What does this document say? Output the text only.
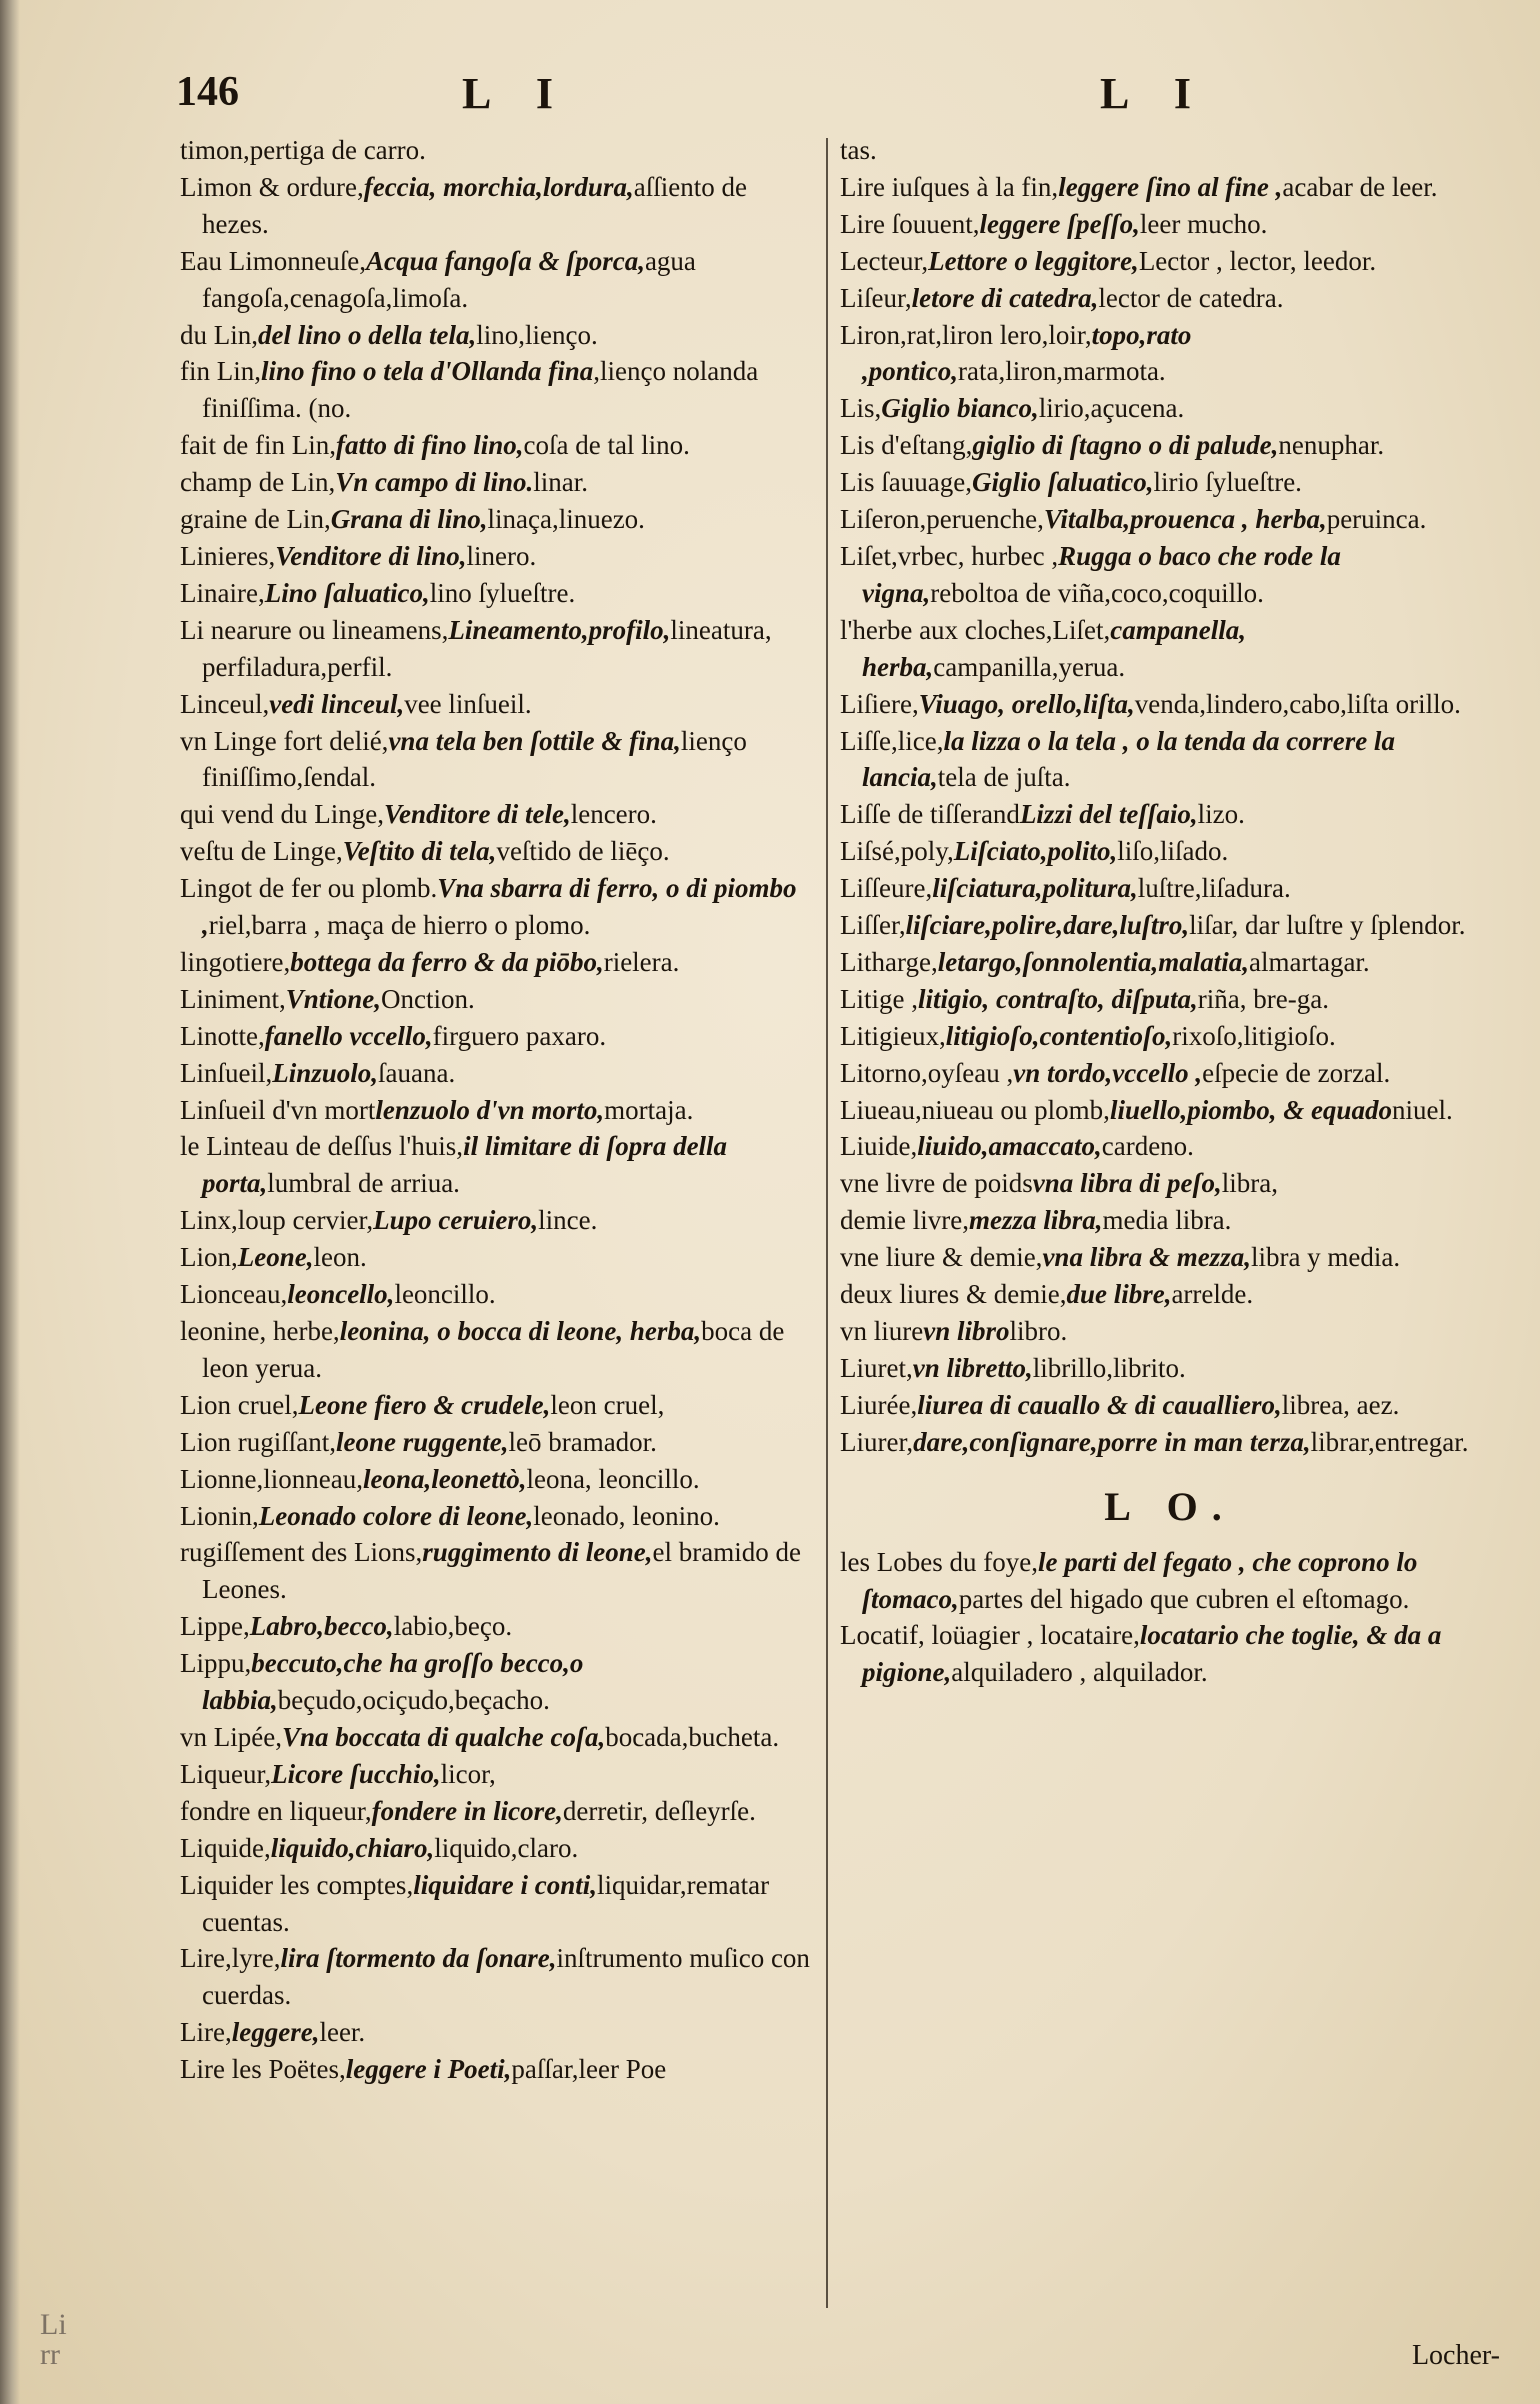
146	L I	L I
timon,pertiga de carro.
Limon & ordure,feccia, morchia,lordura,aſſiento de hezes.
Eau Limonneuſe,Acqua fangoſa & ſporca,agua fangoſa,cenagoſa,limoſa.
du Lin,del lino o della tela,lino,lienço.
fin Lin,lino fino o tela d'Ollanda fina,lienço nolanda finiſſima. (no.
fait de fin Lin,fatto di fino lino,coſa de tal lino.
champ de Lin,Vn campo di lino.linar.
graine de Lin,Grana di lino,linaça,linuezo.
Linieres,Venditore di lino,linero.
Linaire,Lino ſaluatico,lino ſylueſtre.
Li nearure ou lineamens,Lineamento,profilo,lineatura, perfiladura,perfil.
Linceul,vedi linceul,vee linſueil.
vn Linge fort delié,vna tela ben ſottile & fina,lienço finiſſimo,ſendal.
qui vend du Linge,Venditore di tele,lencero.
veſtu de Linge,Veſtito di tela,veſtido de liēço.
Lingot de fer ou plomb.Vna sbarra di ferro, o di piombo ,riel,barra , maça de hierro o plomo.
lingotiere,bottega da ferro & da piōbo,rielera.
Liniment,Vntione,Onction.
Linotte,fanello vccello,firguero paxaro.
Linſueil,Linzuolo,ſauana.
Linſueil d'vn mortlenzuolo d'vn morto,mortaja.
le Linteau de deſſus l'huis,il limitare di ſopra della porta,lumbral de arriua.
Linx,loup cervier,Lupo ceruiero,lince.
Lion,Leone,leon.
Lionceau,leoncello,leoncillo.
leonine, herbe,leonina, o bocca di leone, herba,boca de leon yerua.
Lion cruel,Leone fiero & crudele,leon cruel,
Lion rugiſſant,leone ruggente,leō bramador.
Lionne,lionneau,leona,leonettò,leona, leoncillo.
Lionin,Leonado colore di leone,leonado, leonino.
rugiſſement des Lions,ruggimento di leone,el bramido de Leones.
Lippe,Labro,becco,labio,beço.
Lippu,beccuto,che ha groſſo becco,o labbia,beçudo,ociçudo,beçacho.
vn Lipée,Vna boccata di qualche coſa,bocada,bucheta.
Liqueur,Licore ſucchio,licor,
fondre en liqueur,fondere in licore,derretir, deſleyrſe.
Liquide,liquido,chiaro,liquido,claro.
Liquider les comptes,liquidare i conti,liquidar,rematar cuentas.
Lire,lyre,lira ſtormento da ſonare,inſtrumento muſico con cuerdas.
Lire,leggere,leer.
Lire les Poëtes,leggere i Poeti,paſſar,leer Poe
tas.
Lire iuſques à la fin,leggere ſino al fine ,acabar de leer.
Lire ſouuent,leggere ſpeſſo,leer mucho.
Lecteur,Lettore o leggitore,Lector , lector, leedor.
Liſeur,letore di catedra,lector de catedra.
Liron,rat,liron lero,loir,topo,rato ,pontico,rata,liron,marmota.
Lis,Giglio bianco,lirio,açucena.
Lis d'eſtang,giglio di ſtagno o di palude,nenuphar.
Lis ſauuage,Giglio ſaluatico,lirio ſylueſtre.
Liſeron,peruenche,Vitalba,prouenca , herba,peruinca.
Liſet,vrbec, hurbec ,Rugga o baco che rode la vigna,reboltoa de viña,coco,coquillo.
l'herbe aux cloches,Liſet,campanella, herba,campanilla,yerua.
Liſiere,Viuago, orello,liſta,venda,lindero,cabo,liſta orillo.
Liſſe,lice,la lizza o la tela , o la tenda da correre la lancia,tela de juſta.
Liſſe de tiſſerandLizzi del teſſaio,lizo.
Liſsé,poly,Liſciato,polito,liſo,liſado.
Liſſeure,liſciatura,politura,luſtre,liſadura.
Liſſer,liſciare,polire,dare,luſtro,liſar, dar luſtre y ſplendor.
Litharge,letargo,ſonnolentia,malatia,almartagar.
Litige ,litigio, contraſto, diſputa,riña, bre-ga.
Litigieux,litigioſo,contentioſo,rixoſo,litigioſo.
Litorno,oyſeau ,vn tordo,vccello ,eſpecie de zorzal.
Liueau,niueau ou plomb,liuello,piombo, & equadoniuel.
Liuide,liuido,amaccato,cardeno.
vne livre de poidsvna libra di peſo,libra,
demie livre,mezza libra,media libra.
vne liure & demie,vna libra & mezza,libra y media.
deux liures & demie,due libre,arrelde.
vn liurevn librolibro.
Liuret,vn libretto,librillo,librito.
Liurée,liurea di cauallo & di caualliero,librea, aez.
Liurer,dare,conſignare,porre in man terza,librar,entregar.
L O.
les Lobes du foye,le parti del fegato , che coprono lo ſtomaco,partes del higado que cubren el eſtomago.
Locatif, loüagier , locataire,locatario che toglie, & da a pigione,alquiladero , alquilador.
Li
rr	Locher-
